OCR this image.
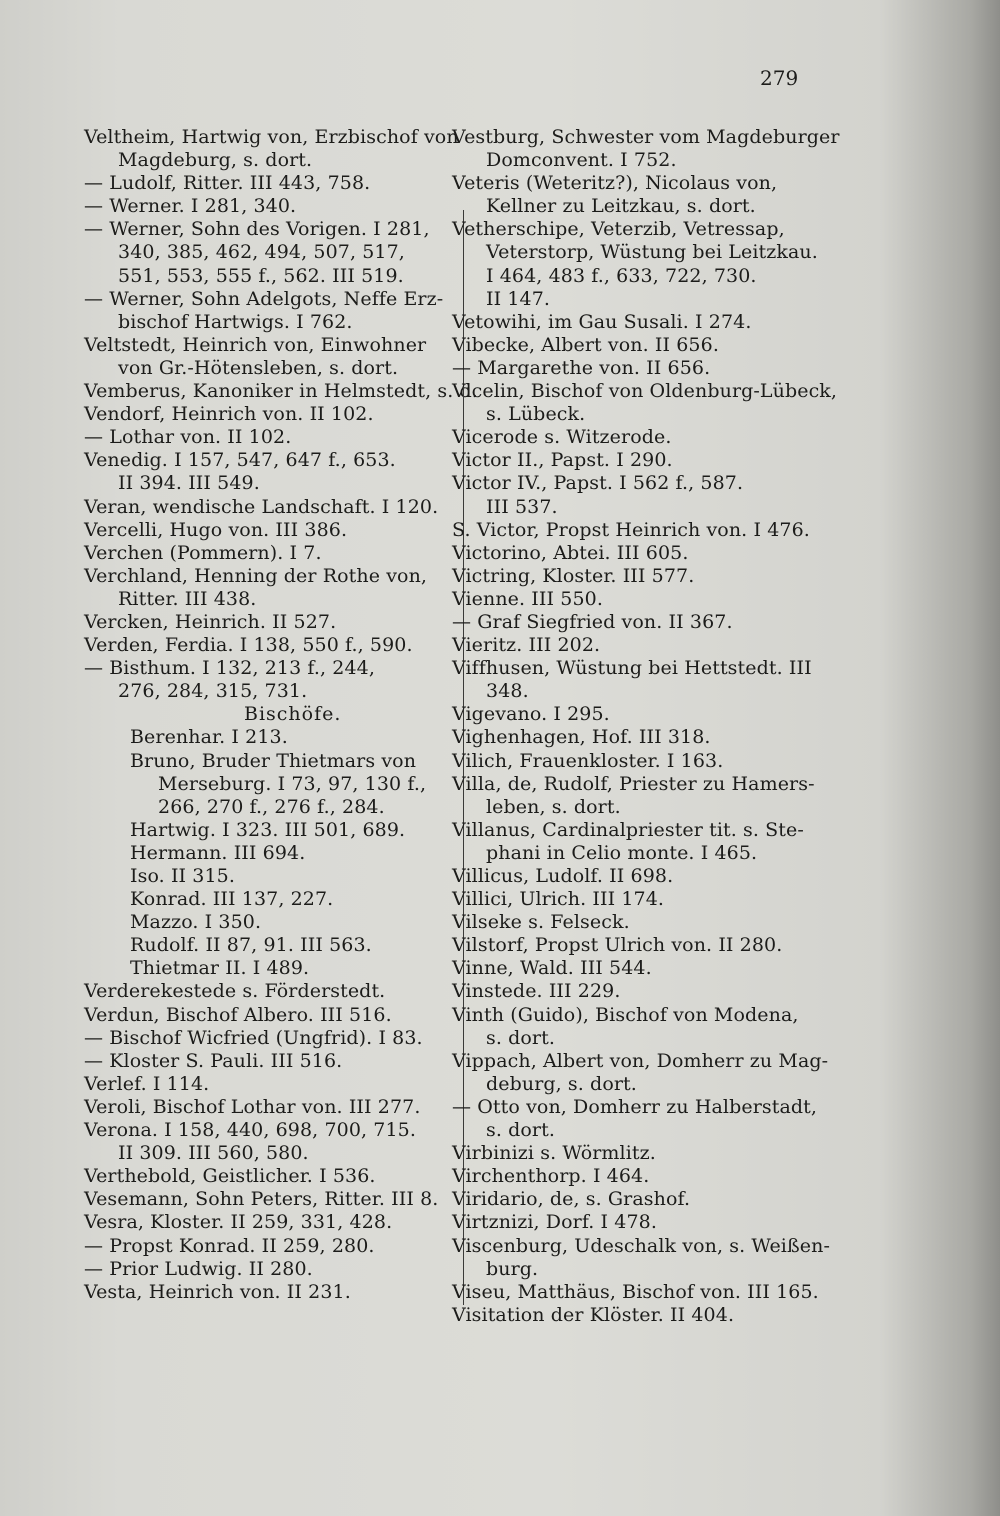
279
Veltheim, Hartwig von, Erzbischof von
Magdeburg, s. dort.
— Ludolf, Ritter. III 443, 758.
— Werner. I 281, 340.
— Werner, Sohn des Vorigen. I 281,
340, 385, 462, 494, 507, 517,
551, 553, 555 f., 562. III 519.
— Werner, Sohn Adelgots, Neffe Erz-
bischof Hartwigs. I 762.
Veltstedt, Heinrich von, Einwohner
von Gr.-Hötensleben, s. dort.
Vemberus, Kanoniker in Helmstedt, s. d.
Vendorf, Heinrich von. II 102.
— Lothar von. II 102.
Venedig. I 157, 547, 647 f., 653.
II 394. III 549.
Veran, wendische Landschaft. I 120.
Vercelli, Hugo von. III 386.
Verchen (Pommern). I 7.
Verchland, Henning der Rothe von,
Ritter. III 438.
Vercken, Heinrich. II 527.
Verden, Ferdia. I 138, 550 f., 590.
— Bisthum. I 132, 213 f., 244,
276, 284, 315, 731.
Bischöfe.
Berenhar. I 213.
Bruno, Bruder Thietmars von
Merseburg. I 73, 97, 130 f.,
266, 270 f., 276 f., 284.
Hartwig. I 323. III 501, 689.
Hermann. III 694.
Iso. II 315.
Konrad. III 137, 227.
Mazzo. I 350.
Rudolf. II 87, 91. III 563.
Thietmar II. I 489.
Verderekestede s. Förderstedt.
Verdun, Bischof Albero. III 516.
— Bischof Wicfried (Ungfrid). I 83.
— Kloster S. Pauli. III 516.
Verlef. I 114.
Veroli, Bischof Lothar von. III 277.
Verona. I 158, 440, 698, 700, 715.
II 309. III 560, 580.
Verthebold, Geistlicher. I 536.
Vesemann, Sohn Peters, Ritter. III 8.
Vesra, Kloster. II 259, 331, 428.
— Propst Konrad. II 259, 280.
— Prior Ludwig. II 280.
Vesta, Heinrich von. II 231.
Vestburg, Schwester vom Magdeburger
Domconvent. I 752.
Veteris (Weteritz?), Nicolaus von,
Kellner zu Leitzkau, s. dort.
Vetherschipe, Veterzib, Vetressap,
Veterstorp, Wüstung bei Leitzkau.
I 464, 483 f., 633, 722, 730.
II 147.
Vetowihi, im Gau Susali. I 274.
Vibecke, Albert von. II 656.
— Margarethe von. II 656.
Vicelin, Bischof von Oldenburg-Lübeck,
s. Lübeck.
Vicerode s. Witzerode.
Victor II., Papst. I 290.
Victor IV., Papst. I 562 f., 587.
III 537.
S. Victor, Propst Heinrich von. I 476.
Victorino, Abtei. III 605.
Victring, Kloster. III 577.
Vienne. III 550.
— Graf Siegfried von. II 367.
Vieritz. III 202.
Viffhusen, Wüstung bei Hettstedt. III
348.
Vigevano. I 295.
Vighenhagen, Hof. III 318.
Vilich, Frauenkloster. I 163.
Villa, de, Rudolf, Priester zu Hamers-
leben, s. dort.
Villanus, Cardinalpriester tit. s. Ste-
phani in Celio monte. I 465.
Villicus, Ludolf. II 698.
Villici, Ulrich. III 174.
Vilseke s. Felseck.
Vilstorf, Propst Ulrich von. II 280.
Vinne, Wald. III 544.
Vinstede. III 229.
Vinth (Guido), Bischof von Modena,
s. dort.
Vippach, Albert von, Domherr zu Mag-
deburg, s. dort.
— Otto von, Domherr zu Halberstadt,
s. dort.
Virbinizi s. Wörmlitz.
Virchenthorp. I 464.
Viridario, de, s. Grashof.
Virtznizi, Dorf. I 478.
Viscenburg, Udeschalk von, s. Weißen-
burg.
Viseu, Matthäus, Bischof von. III 165.
Visitation der Klöster. II 404.
